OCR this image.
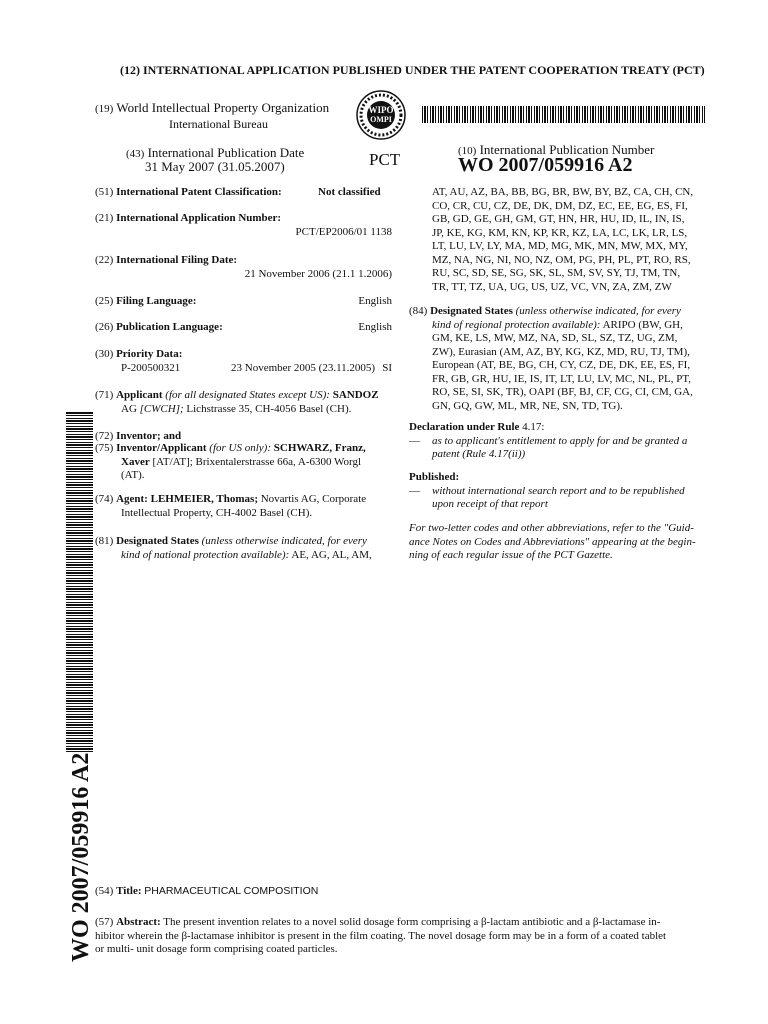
(12) INTERNATIONAL APPLICATION PUBLISHED UNDER THE PATENT COOPERATION TREATY (PCT)
(19) World Intellectual Property Organization
International Bureau
WIPO
OMPI
(43) International Publication Date
31 May 2007 (31.05.2007)	PCT	(10) International Publication Number
WO 2007/059916 A2
(51) International Patent Classification:	Not classified
(21) International Application Number:
PCT/EP2006/01 1138
(22) International Filing Date:
21 November 2006 (21.1 1.2006)
(25) Filing Language:	English
(26) Publication Language:	English
(30) Priority Data:
P-200500321	23 November 2005 (23.11.2005) SI
(71) Applicant (for all designated States except US): SANDOZ
AG [CWCH]; Lichstrasse 35, CH-4056 Basel (CH).
(72) Inventor; and
(75) Inventor/Applicant (for US only): SCHWARZ, Franz,
Xaver [AT/AT]; Brixentalerstrasse 66a, A-6300 Worgl
(AT).
(74) Agent: LEHMEIER, Thomas; Novartis AG, Corporate
Intellectual Property, CH-4002 Basel (CH).
(81) Designated States (unless otherwise indicated, for every
kind of national protection available): AE, AG, AL, AM,
AT, AU, AZ, BA, BB, BG, BR, BW, BY, BZ, CA, CH, CN,
CO, CR, CU, CZ, DE, DK, DM, DZ, EC, EE, EG, ES, FI,
GB, GD, GE, GH, GM, GT, HN, HR, HU, ID, IL, IN, IS,
JP, KE, KG, KM, KN, KP, KR, KZ, LA, LC, LK, LR, LS,
LT, LU, LV, LY, MA, MD, MG, MK, MN, MW, MX, MY,
MZ, NA, NG, NI, NO, NZ, OM, PG, PH, PL, PT, RO, RS,
RU, SC, SD, SE, SG, SK, SL, SM, SV, SY, TJ, TM, TN,
TR, TT, TZ, UA, UG, US, UZ, VC, VN, ZA, ZM, ZW
(84) Designated States (unless otherwise indicated, for every
kind of regional protection available): ARIPO (BW, GH,
GM, KE, LS, MW, MZ, NA, SD, SL, SZ, TZ, UG, ZM,
ZW), Eurasian (AM, AZ, BY, KG, KZ, MD, RU, TJ, TM),
European (AT, BE, BG, CH, CY, CZ, DE, DK, EE, ES, FI,
FR, GB, GR, HU, IE, IS, IT, LT, LU, LV, MC, NL, PL, PT,
RO, SE, SI, SK, TR), OAPI (BF, BJ, CF, CG, CI, CM, GA,
GN, GQ, GW, ML, MR, NE, SN, TD, TG).
Declaration under Rule 4.17:
— as to applicant's entitlement to apply for and be granted a
patent (Rule 4.17(ii))
Published:
— without international search report and to be republished
upon receipt of that report
For two-letter codes and other abbreviations, refer to the "Guid-
ance Notes on Codes and Abbreviations" appearing at the begin-
ning of each regular issue of the PCT Gazette.
WO 2007/059916 A2 (54) Title: PHARMACEUTICAL COMPOSITION
(57) Abstract: The present invention relates to a novel solid dosage form comprising a β-lactam antibiotic and a β-lactamase in-
hibitor wherein the β-lactamase inhibitor is present in the film coating. The novel dosage form may be in a form of a coated tablet
or multi- unit dosage form comprising coated particles.
